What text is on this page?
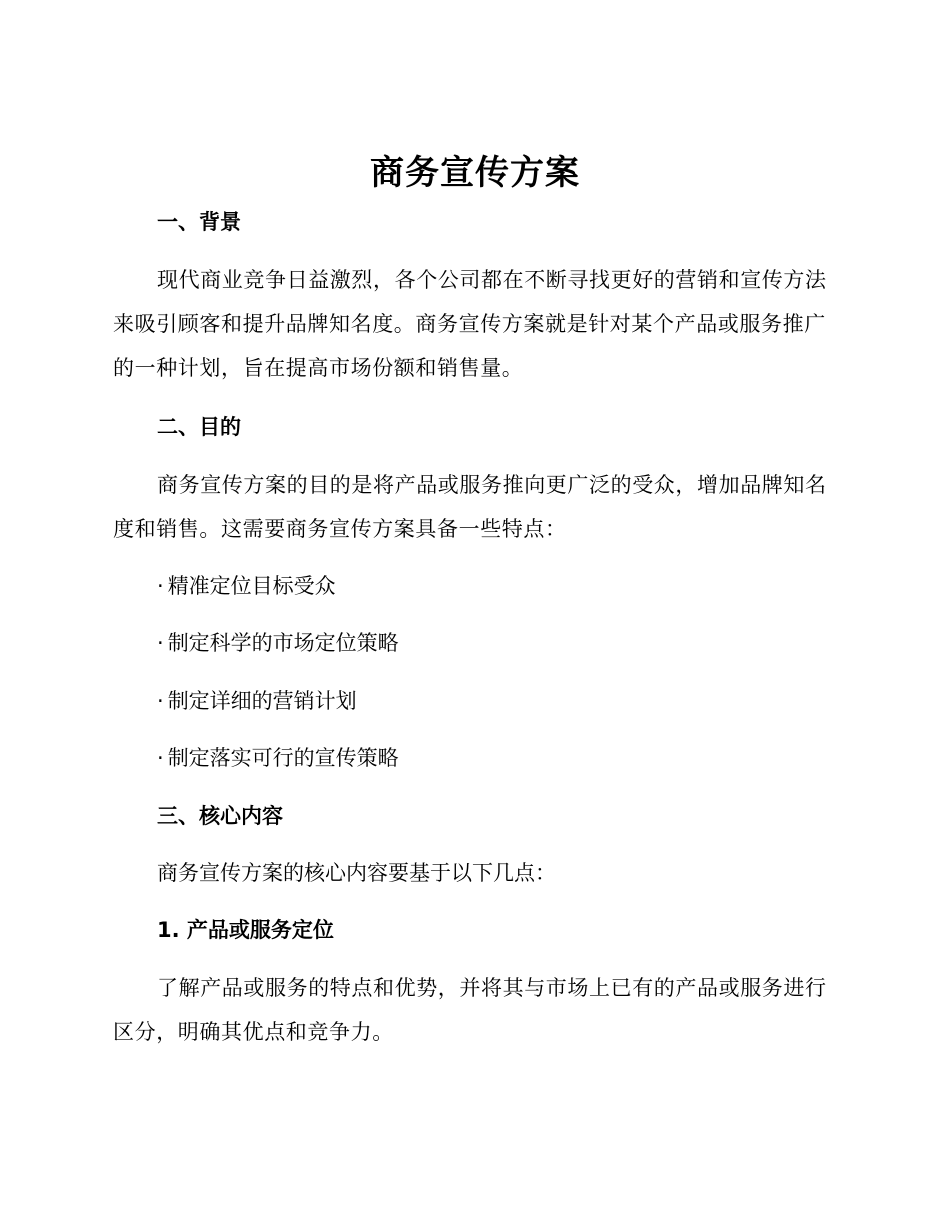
商务宣传方案
一、背景

现代商业竞争日益激烈，各个公司都在不断寻找更好的营销和宣传方法来吸引顾客和提升品牌知名度。商务宣传方案就是针对某个产品或服务推广的一种计划，旨在提高市场份额和销售量。

二、目的

商务宣传方案的目的是将产品或服务推向更广泛的受众，增加品牌知名度和销售。这需要商务宣传方案具备一些特点：

· 精准定位目标受众
· 制定科学的市场定位策略
· 制定详细的营销计划
· 制定落实可行的宣传策略
三、核心内容
商务宣传方案的核心内容要基于以下几点：
1. 产品或服务定位

了解产品或服务的特点和优势，并将其与市场上已有的产品或服务进行区分，明确其优点和竞争力。
